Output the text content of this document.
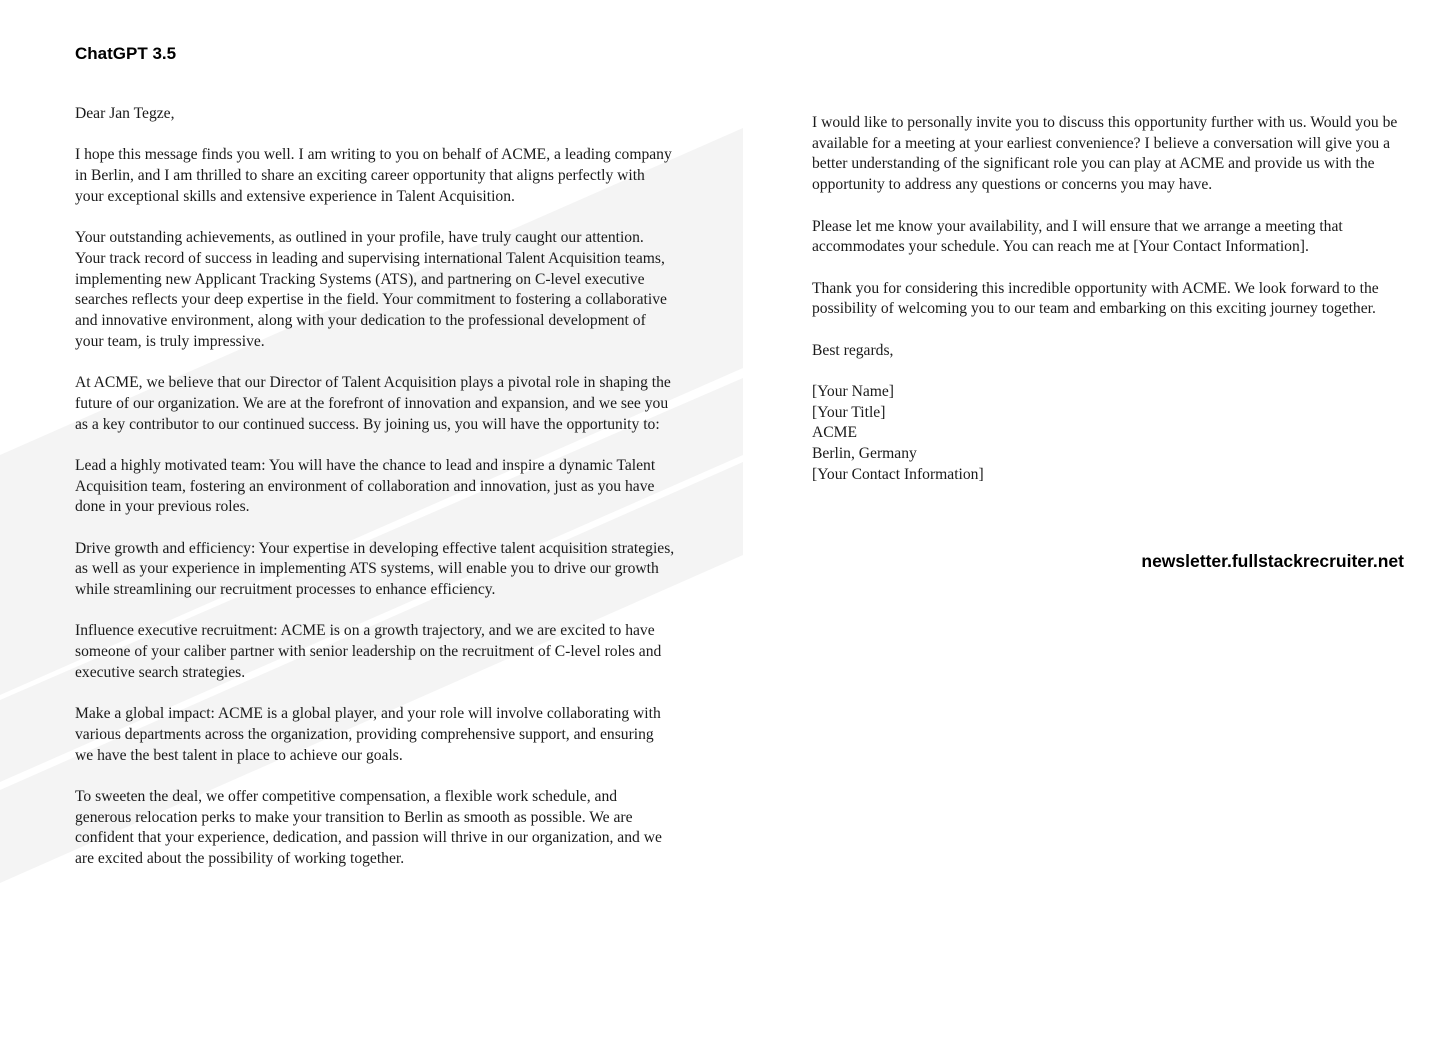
ChatGPT 3.5

Dear Jan Tegze,

I hope this message finds you well. I am writing to you on behalf of ACME, a leading company in Berlin, and I am thrilled to share an exciting career opportunity that aligns perfectly with your exceptional skills and extensive experience in Talent Acquisition.

Your outstanding achievements, as outlined in your profile, have truly caught our attention. Your track record of success in leading and supervising international Talent Acquisition teams, implementing new Applicant Tracking Systems (ATS), and partnering on C-level executive searches reflects your deep expertise in the field. Your commitment to fostering a collaborative and innovative environment, along with your dedication to the professional development of your team, is truly impressive.

At ACME, we believe that our Director of Talent Acquisition plays a pivotal role in shaping the future of our organization. We are at the forefront of innovation and expansion, and we see you as a key contributor to our continued success. By joining us, you will have the opportunity to:

Lead a highly motivated team: You will have the chance to lead and inspire a dynamic Talent Acquisition team, fostering an environment of collaboration and innovation, just as you have done in your previous roles.

Drive growth and efficiency: Your expertise in developing effective talent acquisition strategies, as well as your experience in implementing ATS systems, will enable you to drive our growth while streamlining our recruitment processes to enhance efficiency.

Influence executive recruitment: ACME is on a growth trajectory, and we are excited to have someone of your caliber partner with senior leadership on the recruitment of C-level roles and executive search strategies.

Make a global impact: ACME is a global player, and your role will involve collaborating with various departments across the organization, providing comprehensive support, and ensuring we have the best talent in place to achieve our goals.

To sweeten the deal, we offer competitive compensation, a flexible work schedule, and generous relocation perks to make your transition to Berlin as smooth as possible. We are confident that your experience, dedication, and passion will thrive in our organization, and we are excited about the possibility of working together.

I would like to personally invite you to discuss this opportunity further with us. Would you be available for a meeting at your earliest convenience? I believe a conversation will give you a better understanding of the significant role you can play at ACME and provide us with the opportunity to address any questions or concerns you may have.

Please let me know your availability, and I will ensure that we arrange a meeting that accommodates your schedule. You can reach me at [Your Contact Information].

Thank you for considering this incredible opportunity with ACME. We look forward to the possibility of welcoming you to our team and embarking on this exciting journey together.

Best regards,

[Your Name]
[Your Title]
ACME
Berlin, Germany
[Your Contact Information]

newsletter.fullstackrecruiter.net
